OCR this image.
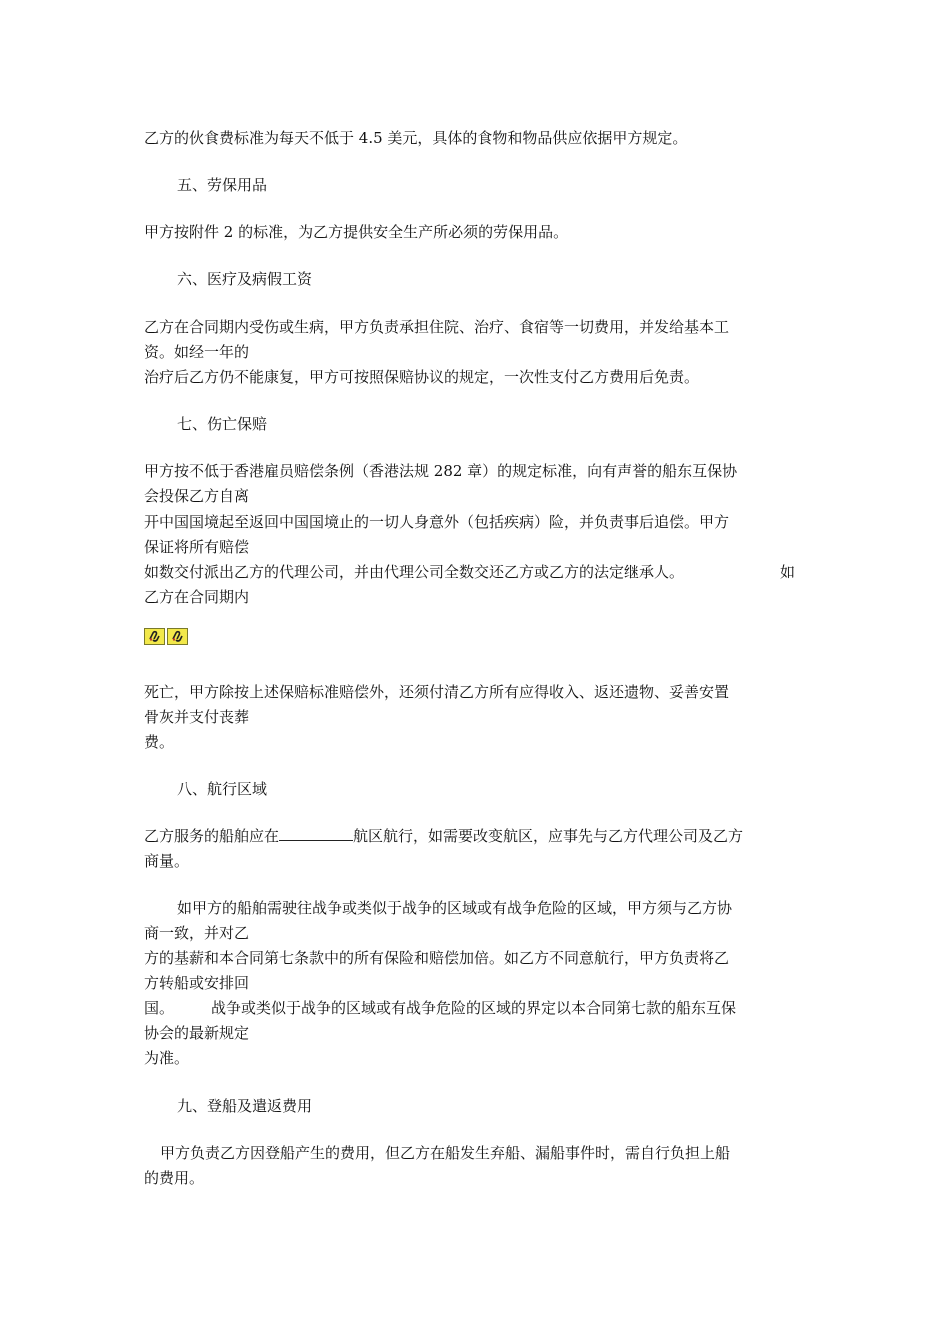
乙方的伙食费标准为每天不低于 4.5 美元，具体的食物和物品供应依据甲方规定。
五、劳保用品
甲方按附件 2 的标准，为乙方提供安全生产所必须的劳保用品。
六、医疗及病假工资
乙方在合同期内受伤或生病，甲方负责承担住院、治疗、食宿等一切费用，并发给基本工
资。如经一年的
治疗后乙方仍不能康复，甲方可按照保赔协议的规定，一次性支付乙方费用后免责。
七、伤亡保赔
甲方按不低于香港雇员赔偿条例（香港法规 282 章）的规定标准，向有声誉的船东互保协
会投保乙方自离
开中国国境起至返回中国国境止的一切人身意外（包括疾病）险，并负责事后追偿。甲方
保证将所有赔偿
如数交付派出乙方的代理公司，并由代理公司全数交还乙方或乙方的法定继承人。	如
乙方在合同期内
死亡，甲方除按上述保赔标准赔偿外，还须付清乙方所有应得收入、返还遗物、妥善安置
骨灰并支付丧葬
费。
八、航行区域
乙方服务的船舶应在	航区航行，如需要改变航区，应事先与乙方代理公司及乙方
商量。
如甲方的船舶需驶往战争或类似于战争的区域或有战争危险的区域，甲方须与乙方协
商一致，并对乙
方的基薪和本合同第七条款中的所有保险和赔偿加倍。如乙方不同意航行，甲方负责将乙
方转船或安排回
国。 战争或类似于战争的区域或有战争危险的区域的界定以本合同第七款的船东互保
协会的最新规定
为准。
九、登船及遣返费用
甲方负责乙方因登船产生的费用，但乙方在船发生弃船、漏船事件时，需自行负担上船
的费用。
